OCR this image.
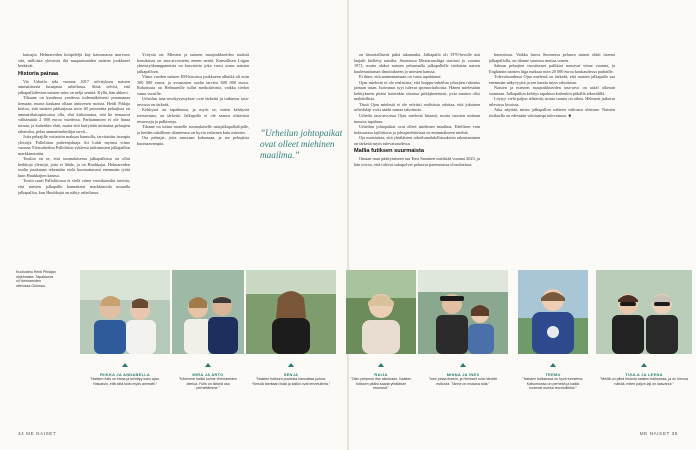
katoajia. Helmareiden kotipeleljä käy katsomassa mureuoo sitä, milloista yleisöstä iltä naapurimaiden naisten joukkueet keräävät.

Historia painaa

Vie Urheilu teki vuonna 2017 selvityksen naisten ammattisesta futaajasta urheilussa. Siinä selvisi, että jalkapalloilevien naisten mies on neljä senttiä. Kyllä, hän ahkero.

Tiliaane on kuudessa yrudessa todennäköisesti puranamaa tiemaan, murra kaukana ollaan aniuvesen ruotsia. Heidi Pihlaja kertoo, että naisten pääsarjassa noin 40 prosenttia pelaajista on ammattilaisopintoissa ollu, ehti kirkotuutua, että he tienaavat välttämättä 2 000 euroa vuodessa. Parhaimmien ei ole lunaa toimia, ja kuitenkin ehtii, mutta että kärrytään mittarina pelaajien rahatuloa, pelaa ammattiurheilijat tarvit...

Jotta pelaajille voitaisiin maksaa kunnolla, tarvitaisiin isompia yleisöjä. Palloliiton puheenjohtaja Ari Lahti myönsi viime vuonna Yleisurheilun Palloliiton syklessä tutkimusten jalkapallon markkinointiin.

Toukoa on se, että suomalaisessa jalkapallossa on ollut heikkoja yleisöjä, joita ei lähde, ja on Huuhkajat. Helmareiden osalta joudutaan tekemään vielä huomattavasti enemmän työtä kuin Huuhkajien kanssa.

Toisin suuri Palloliitossa ei vielä viime vuosikausilta tarvittu, että naisten jalkapallo kannattaisi markkinoida muualla jalkapalloa, kun Huuhkajat on nähty urheilussa.

Yritystä on: Miesten ja naisten maajoukkueiden sisäisiä bonuksista on tasa-arvoistettu ennen nettiä. Kansallisen Liigan yhteistyökumppaneista on kasvatettu joka vuosi osuus naisten jalkapalloon.

Viime vuoden naisten EM-kisoissa joukkueen alkuikä oli noin 300 000 euroa, ja avustusten osalta tarvitsi 600 000 euroa. Rahoitusta on Helmareille tullut merkittävästi, vaikka tiedon sumu vuosille.

Urheilun tasa-arvokysymykset ovat tärkeitä ja tutkimus tasa-arvossa on tärkeää.

Kehitystä on tapahtunut, ja myös se, miten kehitystä toteutetaan, on tärkeää. Jalkapallo ei ole saanut riittävästi resursseja ja palkintoja.

Tilanne on tuttua monelle suomalaiselle naisjalkapalloilijalle, ja heidän rahallinen tilanteensa on hyvin erilainen kuin miesten.

Ota pelaajat, joita sanotaan kokonaan, ja tee pelaajista huomaavampia.

”Urheilun johtopaikat ovat olleet miehinen maailma.”
34 ME NAISET

on historiallisesti pitkä takamatka. Jalkapallo oli 1970-luvulle asti laajalti kielletty naisilta. Suomessa Mestaruusliiga starttasi jo vuonna 1971, mutta alakai naisten pelaamalla jalkapallolle tiedostaa naisen kuulemattoman ilmoitukseen jo miesten kanssa.

Ei ihme, että ammentamaan on vasta tapahtunut.

Ojan mielestä ei ole realistista, että huippu-urheilun johtajien rahoitus jaetaan tasan. Isoimmat syyt tulevat sponsorirahoista. Hänen mielestään kehitykseen pitäisi kuitenkin sitoutua pitkäjänteisesti, jotta muutos olisi mahdollista.

Tässä Ojan mielestä ei ole selvästi realistista odottaa, että jokainen urheilulaji voisi saada samaa rahoitusta.

Urheilu tasa-arvoissa Ojan mielestä hitaasti, mutta vuosien mittaan muutos tapahtuu.

Urheilun johtopaikat ovat olleet miehinen maailma. Edellisen vain kohtuuessa lajiliittoon ja johtajatehtävissä on enimmäkseen miehiä.

Oja muistuttaa, että yhtäläisten urheilumahdollisuuksien rakentaminen on tärkeää myös tulevaisuudessa.

Mallia futiksen suurmaista

Omaan uran päättymiseen saa Ensi Saminen mietittää vuonna 2023, ja hän toivoo, että tulevat sukupolvet pelaavat paremmissa olosuhteissa.

huomiossa. Vaikka harva Suomessa pelaava naisen elätti itsensä jalkapallolla, on tilanne suurissa maissa toinen.

Saksan pelaajien vuosittaiset palkkiot nousivat viime vuonna, ja Englannin naisten liiga maksaa noin 20 000 euroa kuukaudessa parhaille.

Tulevaisuudessa Ojan mielestä on tärkeää, että naisten jalkapallo saa enemmän näkyvyyttä ja sen kautta myös rahoitusta.

Naisten ja miesten maajoukkueiden tasa-arvo on askel oikeaan suuntaan. Jalkapallon kehitys tapahtuu kuitenkin pitkällä aikavälillä.

Löytyy vielä paljon tehtävää, mutta suunta on oikea. Helmarit jatkavat tulevissa kisoissa.

Aika näyttää, miten jalkapallon suhteen valitussa olemme. Naisten futiksella on edessään valoisampi tulevaisuus. ■

ME NAISET 35
Kuulustelu Heidi Pihlajan ohjelmasta. Tapahtuma oli Helmareiden ottelussa Oulussa.
RIIKKA JA ANNABELLA
”Naisten futis on kivaa ja kehittyy koko ajan. Haluaisin, että siitä tulisi myös ammatti.”
MIRA JA ARTO
”Kävimme kaikki kolme Helmareiden ottelua. Futis on tärkeä osa perhettämme.”
SENJA
”Naisten futiksen puolesta kannattaa puhua. Yleisöä tarvitaan lisää ja kaikki ovat tervetulleita.”
RAIJA
”Olen pelannut itse aikoinaan. Naisten futiksen pitäisi saada yhtäläiset resurssit.”
MINNA JA INES
”Ines pelaa itsekin, ja Helmarit ovat hänelle esikuvia. Tänne on mukava tulla.”
TEEMU
”Naisten futiksessa on hyvä tunnelma. Katsomossa on perheitä ja kaikki tuntevat olonsa tervetulleiksi.”
TUULA JA LEENA
”Meillä on pitkä historia naisten futiksessa, ja on hienoa nähdä, miten paljon laji on kasvanut.”
